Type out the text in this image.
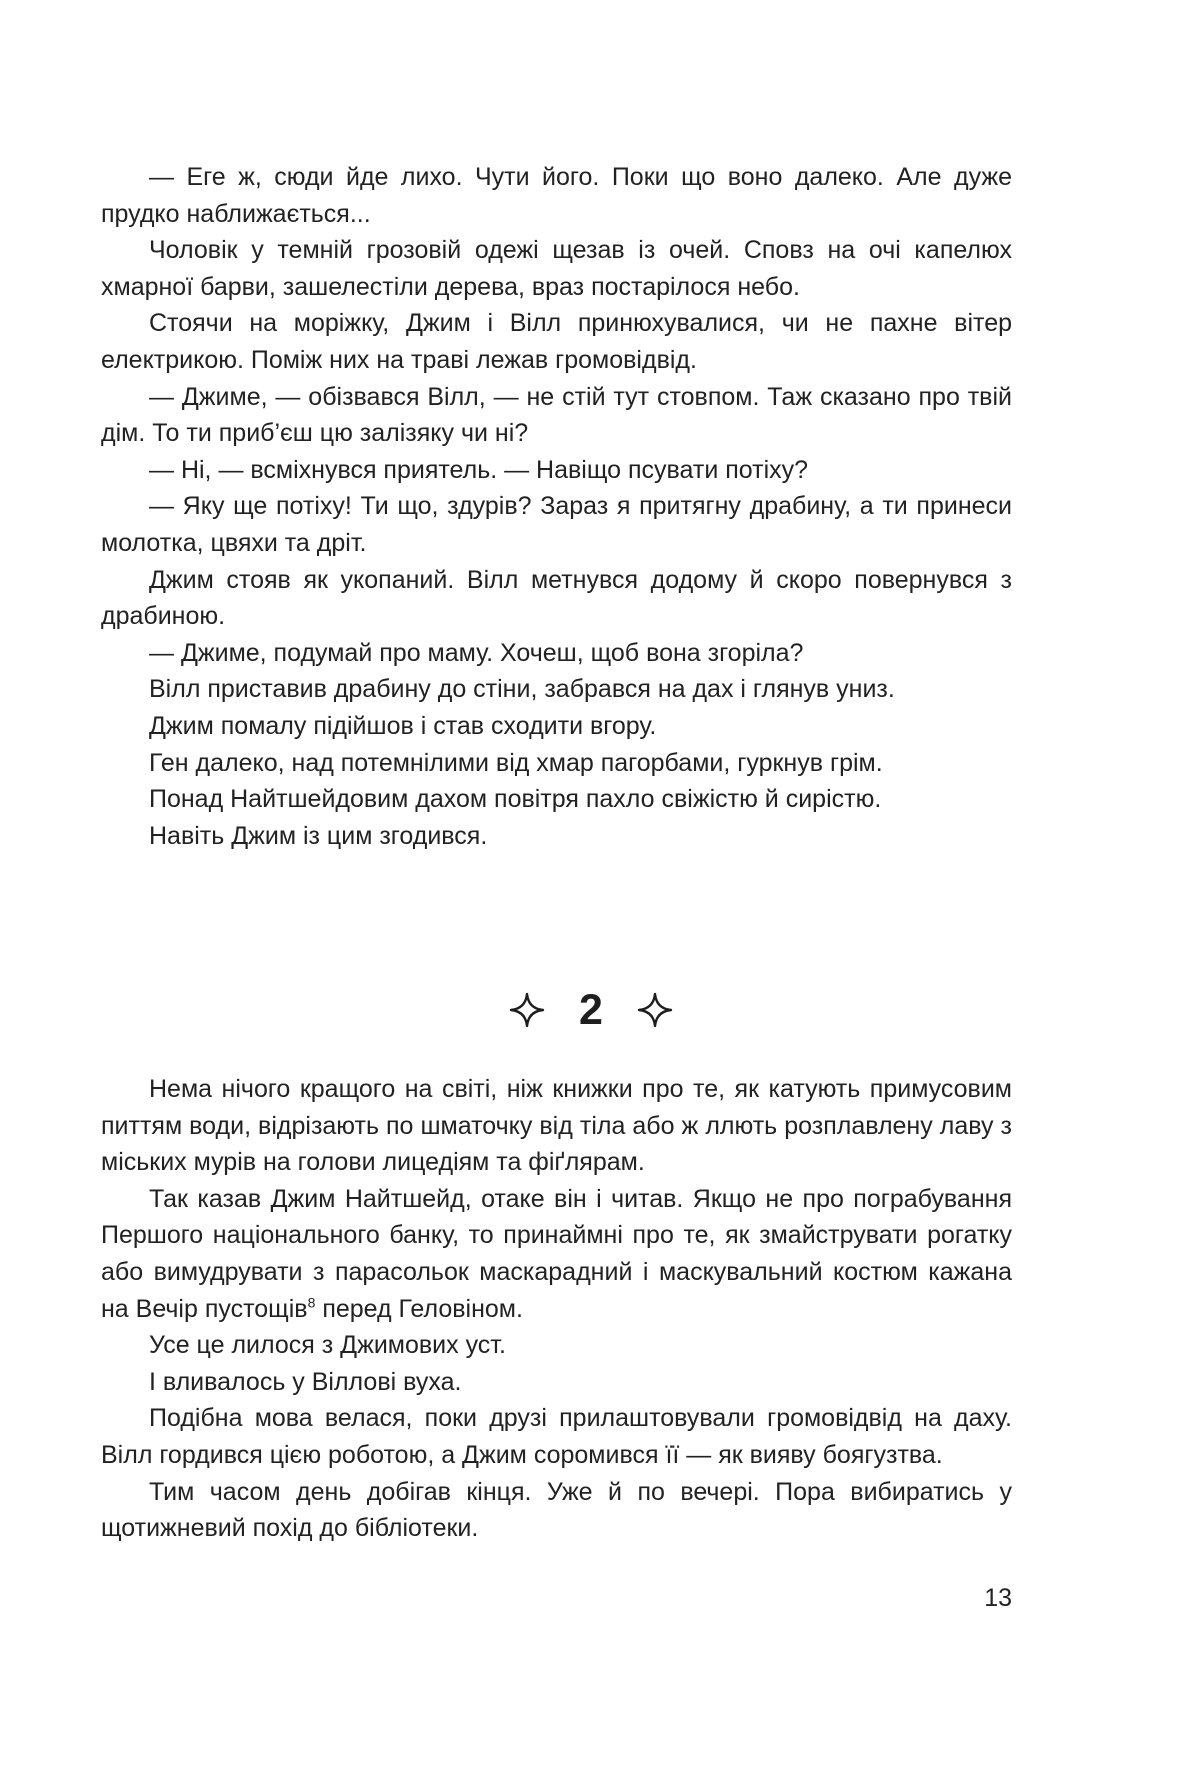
— Еге ж, сюди йде лихо. Чути його. Поки що воно далеко. Але дуже прудко наближається...

Чоловік у темній грозовій одежі щезав із очей. Сповз на очі капелюх хмарної барви, зашелестіли дерева, враз постарілося небо.

Стоячи на моріжку, Джим і Вілл принюхувалися, чи не пахне вітер електрикою. Поміж них на траві лежав громовідвід.

— Джиме, — обізвався Вілл, — не стій тут стовпом. Таж сказано про твій дім. То ти приб’єш цю залізяку чи ні?

— Ні, — всміхнувся приятель. — Навіщо псувати потіху?

— Яку ще потіху! Ти що, здурів? Зараз я притягну драбину, а ти принеси молотка, цвяхи та дріт.

Джим стояв як укопаний. Вілл метнувся додому й скоро повернувся з драбиною.

— Джиме, подумай про маму. Хочеш, щоб вона згоріла?

Вілл приставив драбину до стіни, забрався на дах і глянув униз.

Джим помалу підійшов і став сходити вгору.

Ген далеко, над потемнілими від хмар пагорбами, гуркнув грім.

Понад Найтшейдовим дахом повітря пахло свіжістю й сирістю.

Навіть Джим із цим згодився.

2

Нема нічого кращого на світі, ніж книжки про те, як катують примусовим питтям води, відрізають по шматочку від тіла або ж ллють розплавлену лаву з міських мурів на голови лицедіям та фіґлярам.

Так казав Джим Найтшейд, отаке він і читав. Якщо не про пограбування Першого національного банку, то принаймні про те, як змайструвати рогатку або вимудрувати з парасольок маскарадний і маскувальний костюм кажана на Вечір пустощів$^8$ перед Геловіном.

Усе це лилося з Джимових уст.

І вливалось у Віллові вуха.

Подібна мова велася, поки друзі прилаштовували громовідвід на даху. Вілл гордився цією роботою, а Джим соромився її — як вияву боягузтва.

Тим часом день добігав кінця. Уже й по вечері. Пора вибиратись у щотижневий похід до бібліотеки.

13
